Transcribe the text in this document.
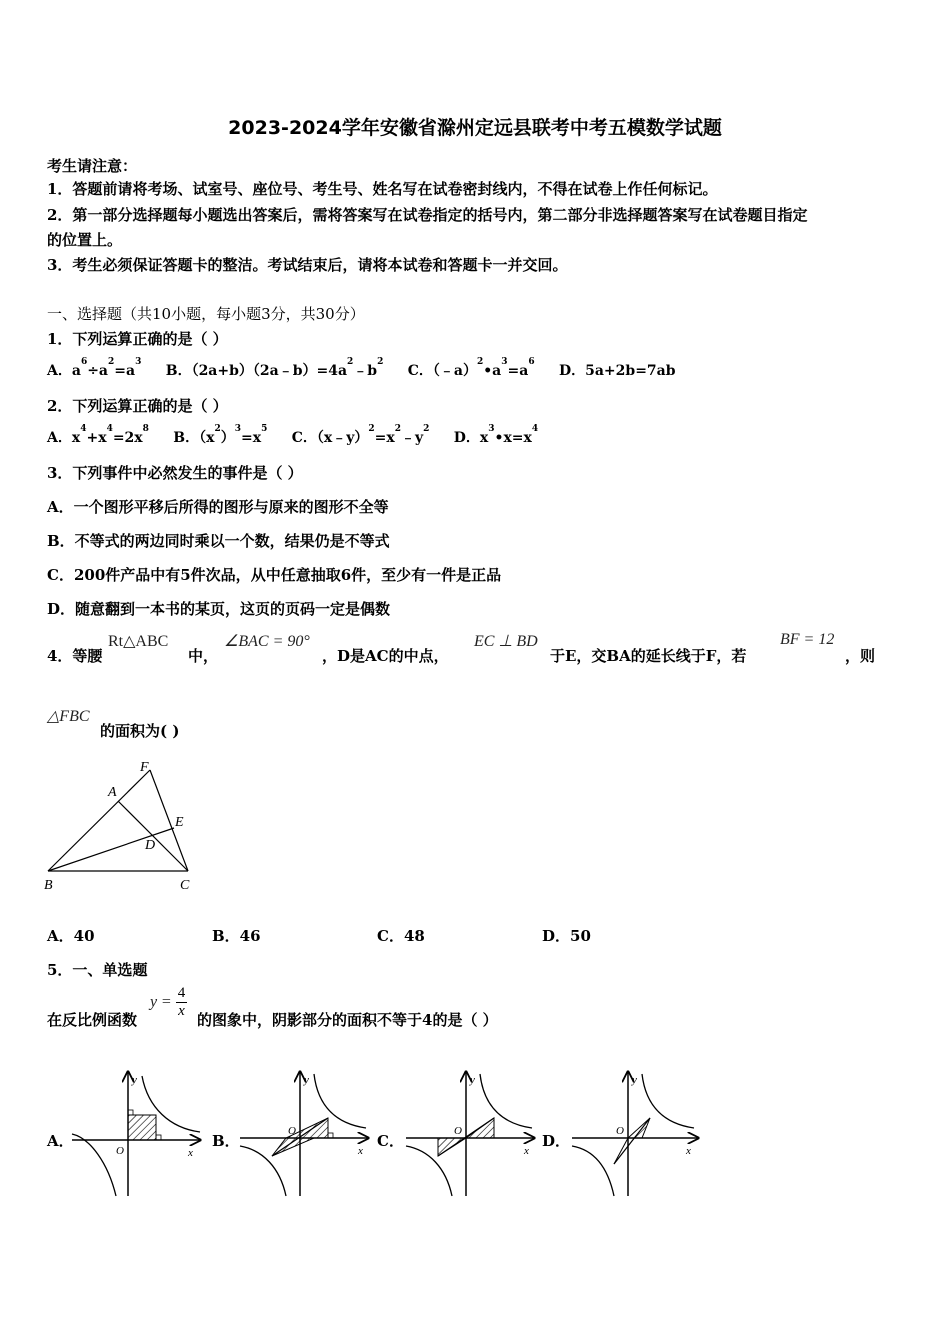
2023-2024学年安徽省滁州定远县联考中考五模数学试题
考生请注意：
1．答题前请将考场、试室号、座位号、考生号、姓名写在试卷密封线内，不得在试卷上作任何标记。
2．第一部分选择题每小题选出答案后，需将答案写在试卷指定的括号内，第二部分非选择题答案写在试卷题目指定
的位置上。
3．考生必须保证答题卡的整洁。考试结束后，请将本试卷和答题卡一并交回。
一、选择题（共10小题，每小题3分，共30分）
1．下列运算正确的是（ ）
A．$a^6\div a^2=a^3$     B．$(2a+b)(2a﹣b)=4a^2﹣b^2$     C．$(﹣a)^2•a^3=a^6$     D．5a+2b=7ab
2．下列运算正确的是（ ）
A．$x^4+x^4=2x^8$     B．$(x^2)^3=x^5$     C．$(x﹣y)^2=x^2﹣y^2$     D．$x^3•x=x^4$
3．下列事件中必然发生的事件是（ ）
A．一个图形平移后所得的图形与原来的图形不全等
B．不等式的两边同时乘以一个数，结果仍是不等式
C．200件产品中有5件次品，从中任意抽取6件，至少有一件是正品
D．随意翻到一本书的某页，这页的页码一定是偶数
4．等腰
Rt△ABC
中，
∠BAC = 90°
，D是AC的中点，
EC ⊥ BD
于E，交BA的延长线于F，若
BF = 12
，则
△FBC
的面积为( )
F
A
E
D
B	C
A．40	B．46	C．48	D．50
5．一、单选题
在反比例函数
$y = \frac{4}{x}$ 的图象中，阴影部分的面积不等于4的是（ ）
A．	B．	C．	D．
y
x
O
y
x
O
y
x
O
y
x
O
